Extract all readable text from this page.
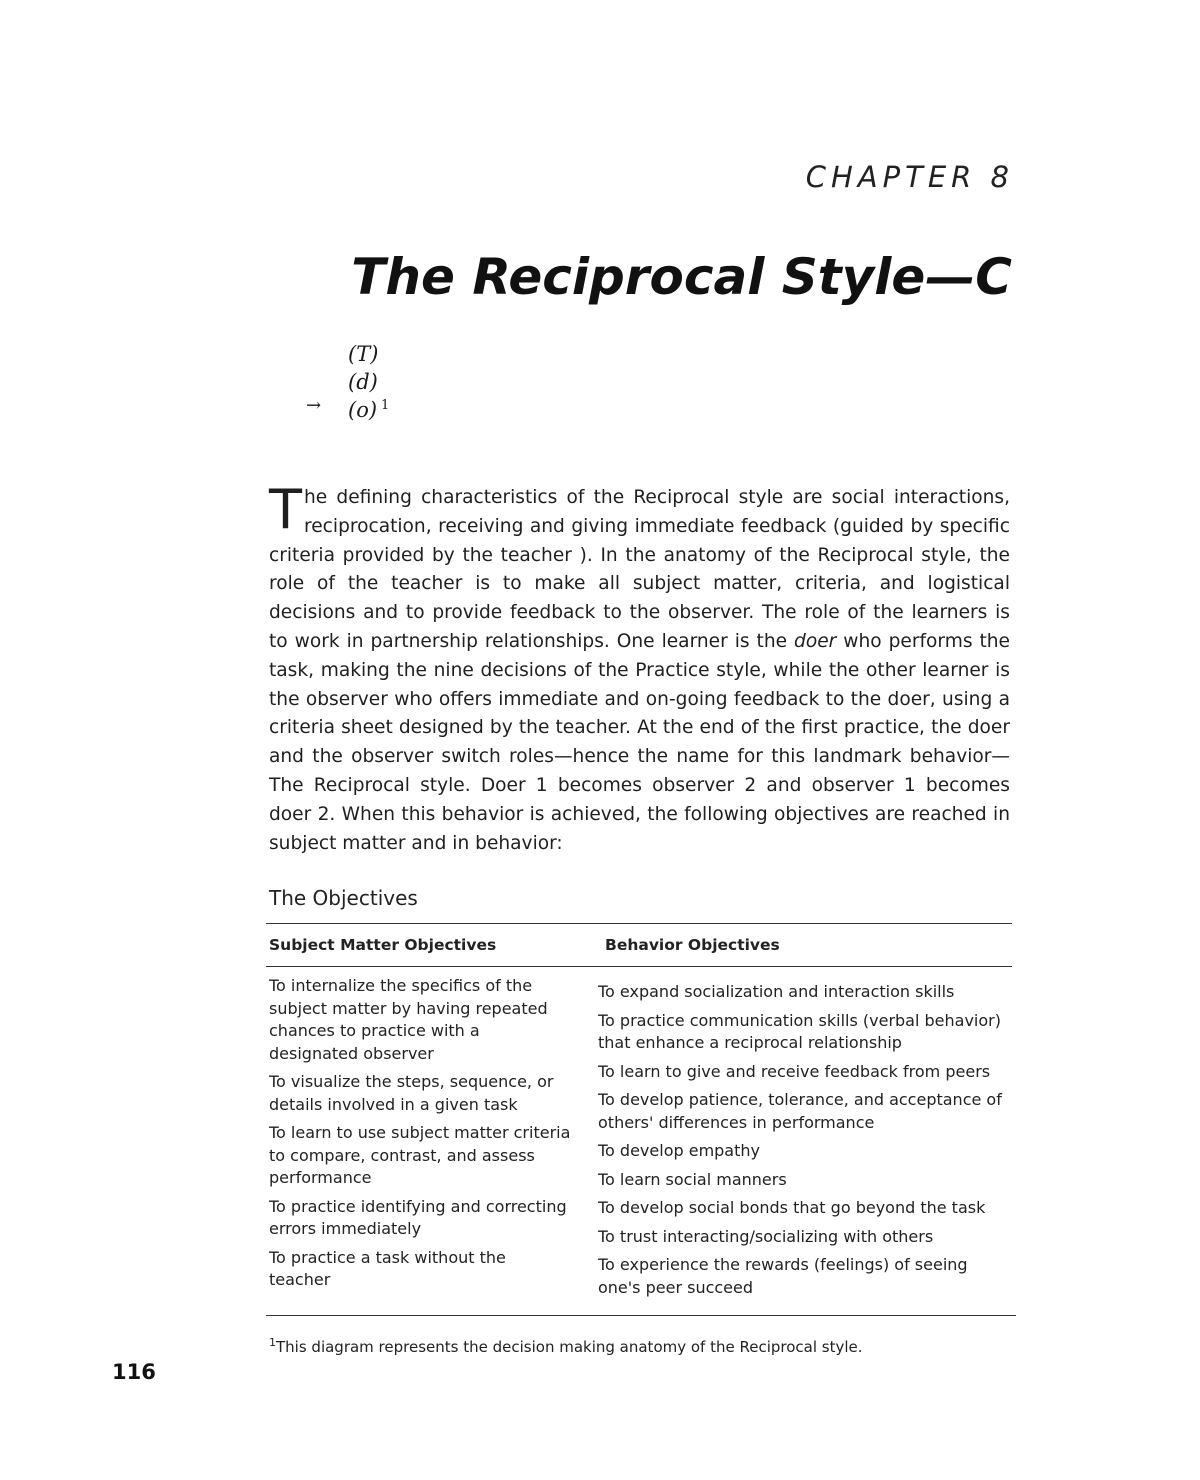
CHAPTER 8
The Reciprocal Style—C
(T)
(d)
→ (o) $^1$

The defining characteristics of the Reciprocal style are social interactions, reciprocation, receiving and giving immediate feedback (guided by specific criteria provided by the teacher ). In the anatomy of the Reciprocal style, the role of the teacher is to make all subject matter, criteria, and logistical decisions and to provide feedback to the observer. The role of the learners is to work in partnership relationships. One learner is the doer who performs the task, making the nine decisions of the Practice style, while the other learner is the observer who offers immediate and on-going feedback to the doer, using a criteria sheet designed by the teacher. At the end of the first practice, the doer and the observer switch roles—hence the name for this landmark behavior—The Reciprocal style. Doer 1 becomes observer 2 and observer 1 becomes doer 2. When this behavior is achieved, the following objectives are reached in subject matter and in behavior:

The Objectives
Subject Matter Objectives	Behavior Objectives
To internalize the specifics of the subject matter by having repeated chances to practice with a designated observer
To visualize the steps, sequence, or details involved in a given task
To learn to use subject matter criteria to compare, contrast, and assess performance
To practice identifying and correcting errors immediately
To practice a task without the teacher
To expand socialization and interaction skills
To practice communication skills (verbal behavior) that enhance a reciprocal relationship
To learn to give and receive feedback from peers
To develop patience, tolerance, and acceptance of others' differences in performance
To develop empathy
To learn social manners
To develop social bonds that go beyond the task
To trust interacting/socializing with others
To experience the rewards (feelings) of seeing one's peer succeed
$^1$This diagram represents the decision making anatomy of the Reciprocal style.
116
